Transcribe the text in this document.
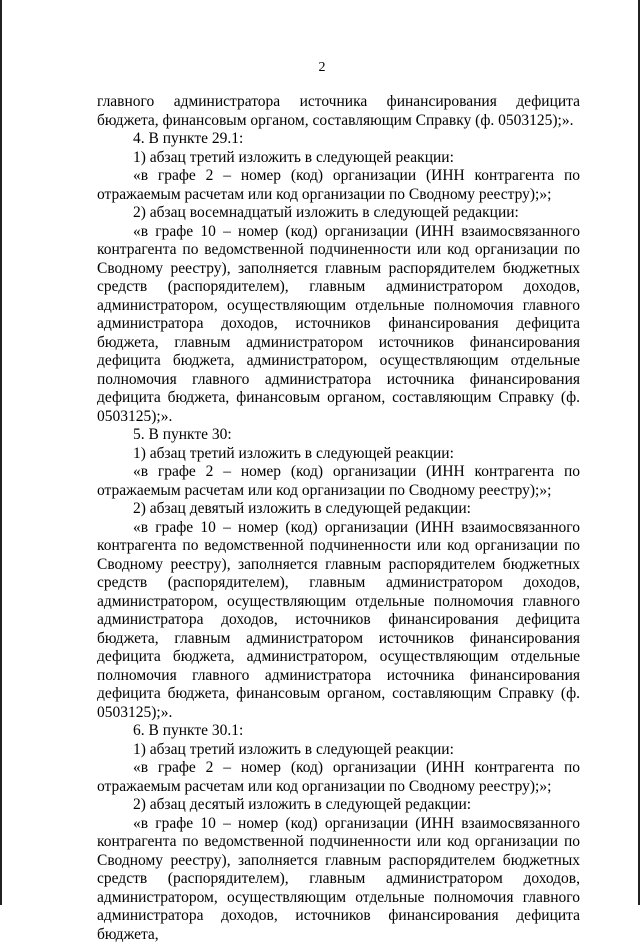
2

главного администратора источника финансирования дефицита бюджета, финансовым органом, составляющим Справку (ф. 0503125);».

4. В пункте 29.1:

1) абзац третий изложить в следующей реакции:

«в графе 2 – номер (код) организации (ИНН контрагента по отражаемым расчетам или код организации по Сводному реестру);»;

2) абзац восемнадцатый изложить в следующей редакции:

«в графе 10 – номер (код) организации (ИНН взаимосвязанного контрагента по ведомственной подчиненности или код организации по Сводному реестру), заполняется главным распорядителем бюджетных средств (распорядителем), главным администратором доходов, администратором, осуществляющим отдельные полномочия главного администратора доходов, источников финансирования дефицита бюджета, главным администратором источников финансирования дефицита бюджета, администратором, осуществляющим отдельные полномочия главного администратора источника финансирования дефицита бюджета, финансовым органом, составляющим Справку (ф. 0503125);».

5. В пункте 30:

1) абзац третий изложить в следующей реакции:

«в графе 2 – номер (код) организации (ИНН контрагента по отражаемым расчетам или код организации по Сводному реестру);»;

2) абзац девятый изложить в следующей редакции:

«в графе 10 – номер (код) организации (ИНН взаимосвязанного контрагента по ведомственной подчиненности или код организации по Сводному реестру), заполняется главным распорядителем бюджетных средств (распорядителем), главным администратором доходов, администратором, осуществляющим отдельные полномочия главного администратора доходов, источников финансирования дефицита бюджета, главным администратором источников финансирования дефицита бюджета, администратором, осуществляющим отдельные полномочия главного администратора источника финансирования дефицита бюджета, финансовым органом, составляющим Справку (ф. 0503125);».

6. В пункте 30.1:

1) абзац третий изложить в следующей реакции:

«в графе 2 – номер (код) организации (ИНН контрагента по отражаемым расчетам или код организации по Сводному реестру);»;

2) абзац десятый изложить в следующей редакции:

«в графе 10 – номер (код) организации (ИНН взаимосвязанного контрагента по ведомственной подчиненности или код организации по Сводному реестру), заполняется главным распорядителем бюджетных средств (распорядителем), главным администратором доходов, администратором, осуществляющим отдельные полномочия главного администратора доходов, источников финансирования дефицита бюджета,
